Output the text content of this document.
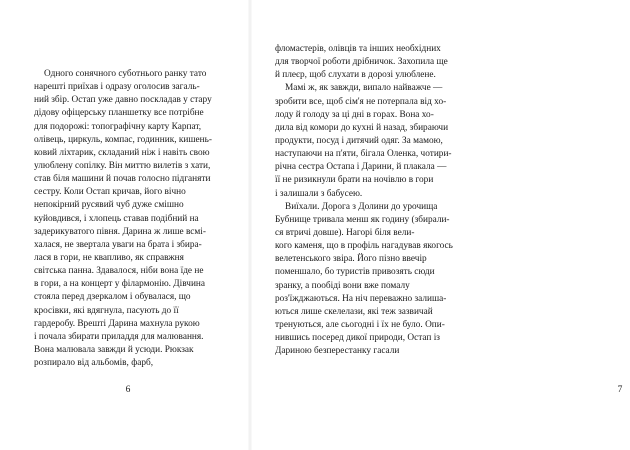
Одного сонячного суботнього ранку тато
нарешті приїхав і одразу оголосив загаль-
ний збір. Остап уже давно поскладав у стару
дідову офіцерську планшетку все потрібне
для подорожі: топографічну карту Карпат,
олівець, циркуль, компас, годинник, кишень-
ковий ліхтарик, складаний ніж і навіть свою
улюблену сопілку. Він миттю вилетів з хати,
став біля машини й почав голосно підганяти
сестру. Коли Остап кричав, його вічно
непокірний русявий чуб дуже смішно
куйовдився, і хлопець ставав подібний на
задерикуватого півня. Дарина ж лише всмі-
халася, не звертала уваги на брата і збира-
лася в гори, не квапливо, як справжня
світська панна. Здавалося, ніби вона їде не
в гори, а на концерт у філармонію. Дівчина
стояла перед дзеркалом і обувалася, що
кросівки, які вдягнула, пасують до її
гардеробу. Врешті Дарина махнула рукою
і почала збирати приладдя для малювання.
Вона малювала завжди й усюди. Рюкзак
розпирало від альбомів, фарб,
6	7
фломастерів, олівців та інших необхідних
для творчої роботи дрібничок. Захопила ще
й плеєр, щоб слухати в дорозі улюблене.
Мамі ж, як завжди, випало найважче —
зробити все, щоб сім'я не потерпала від хо-
лоду й голоду за ці дні в горах. Вона хо-
дила від комори до кухні й назад, збираючи
продукти, посуд і дитячий одяг. За мамою,
наступаючи на п'яти, бігала Оленка, чотири-
річна сестра Остапа і Дарини, й плакала —
її не ризикнули брати на ночівлю в гори
і залишали з бабусею.
Виїхали. Дорога з Долини до урочища
Бубнище тривала менш як годину (збирали-
ся втричі довше). Нагорі біля вели-
кого каменя, що в профіль нагадував якогось
велетенського звіра. Його пізно ввечір
поменшало, бо туристів привозять сюди
зранку, а пообіді вони вже помалу
роз'їжджаються. На ніч переважно залиша-
ються лише скелелази, які теж зазвичай
тренуються, але сьогодні і їх не було. Опи-
нившись посеред дикої природи, Остап із
Дариною безперестанку гасали
